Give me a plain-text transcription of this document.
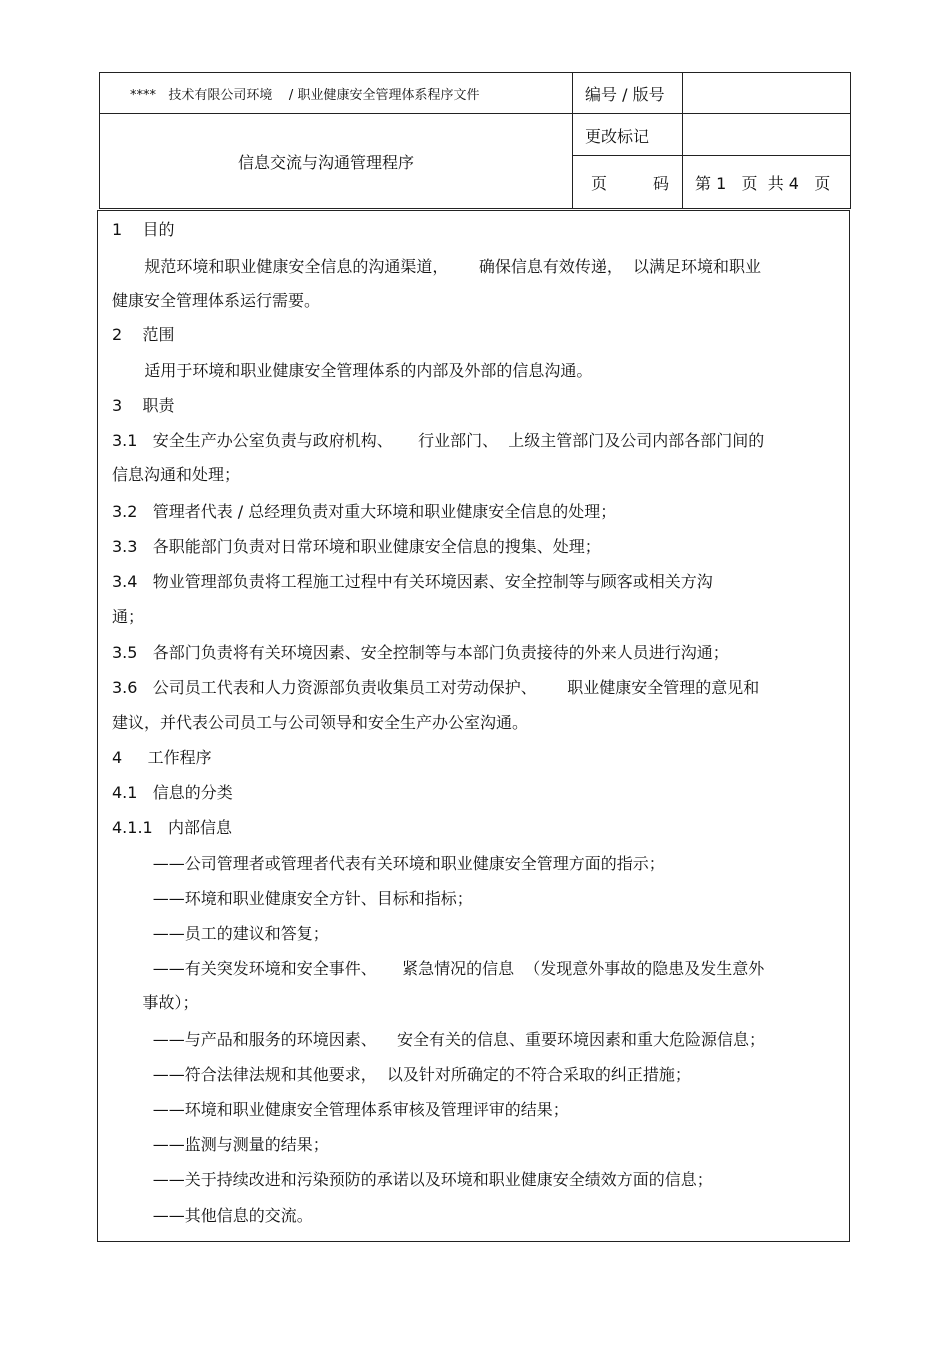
****   技术有限公司环境    / 职业健康安全管理体系程序文件
信息交流与沟通管理程序
编号 / 版号
更改标记
页	码	第 1   页  共 4   页
1    目的
规范环境和职业健康安全信息的沟通渠道，      确保信息有效传递，  以满足环境和职业
健康安全管理体系运行需要。
2    范围
适用于环境和职业健康安全管理体系的内部及外部的信息沟通。
3    职责
3.1   安全生产办公室负责与政府机构、     行业部门、  上级主管部门及公司内部各部门间的
信息沟通和处理；
3.2   管理者代表 / 总经理负责对重大环境和职业健康安全信息的处理；
3.3   各职能部门负责对日常环境和职业健康安全信息的搜集、处理；
3.4   物业管理部负责将工程施工过程中有关环境因素、安全控制等与顾客或相关方沟
通；
3.5   各部门负责将有关环境因素、安全控制等与本部门负责接待的外来人员进行沟通；
3.6   公司员工代表和人力资源部负责收集员工对劳动保护、      职业健康安全管理的意见和
建议，并代表公司员工与公司领导和安全生产办公室沟通。
4     工作程序
4.1   信息的分类
4.1.1   内部信息
——公司管理者或管理者代表有关环境和职业健康安全管理方面的指示；
——环境和职业健康安全方针、目标和指标；
——员工的建议和答复；
——有关突发环境和安全事件、     紧急情况的信息  （发现意外事故的隐患及发生意外
事故）；
——与产品和服务的环境因素、    安全有关的信息、重要环境因素和重大危险源信息；
——符合法律法规和其他要求，  以及针对所确定的不符合采取的纠正措施；
——环境和职业健康安全管理体系审核及管理评审的结果；
——监测与测量的结果；
——关于持续改进和污染预防的承诺以及环境和职业健康安全绩效方面的信息；
——其他信息的交流。
